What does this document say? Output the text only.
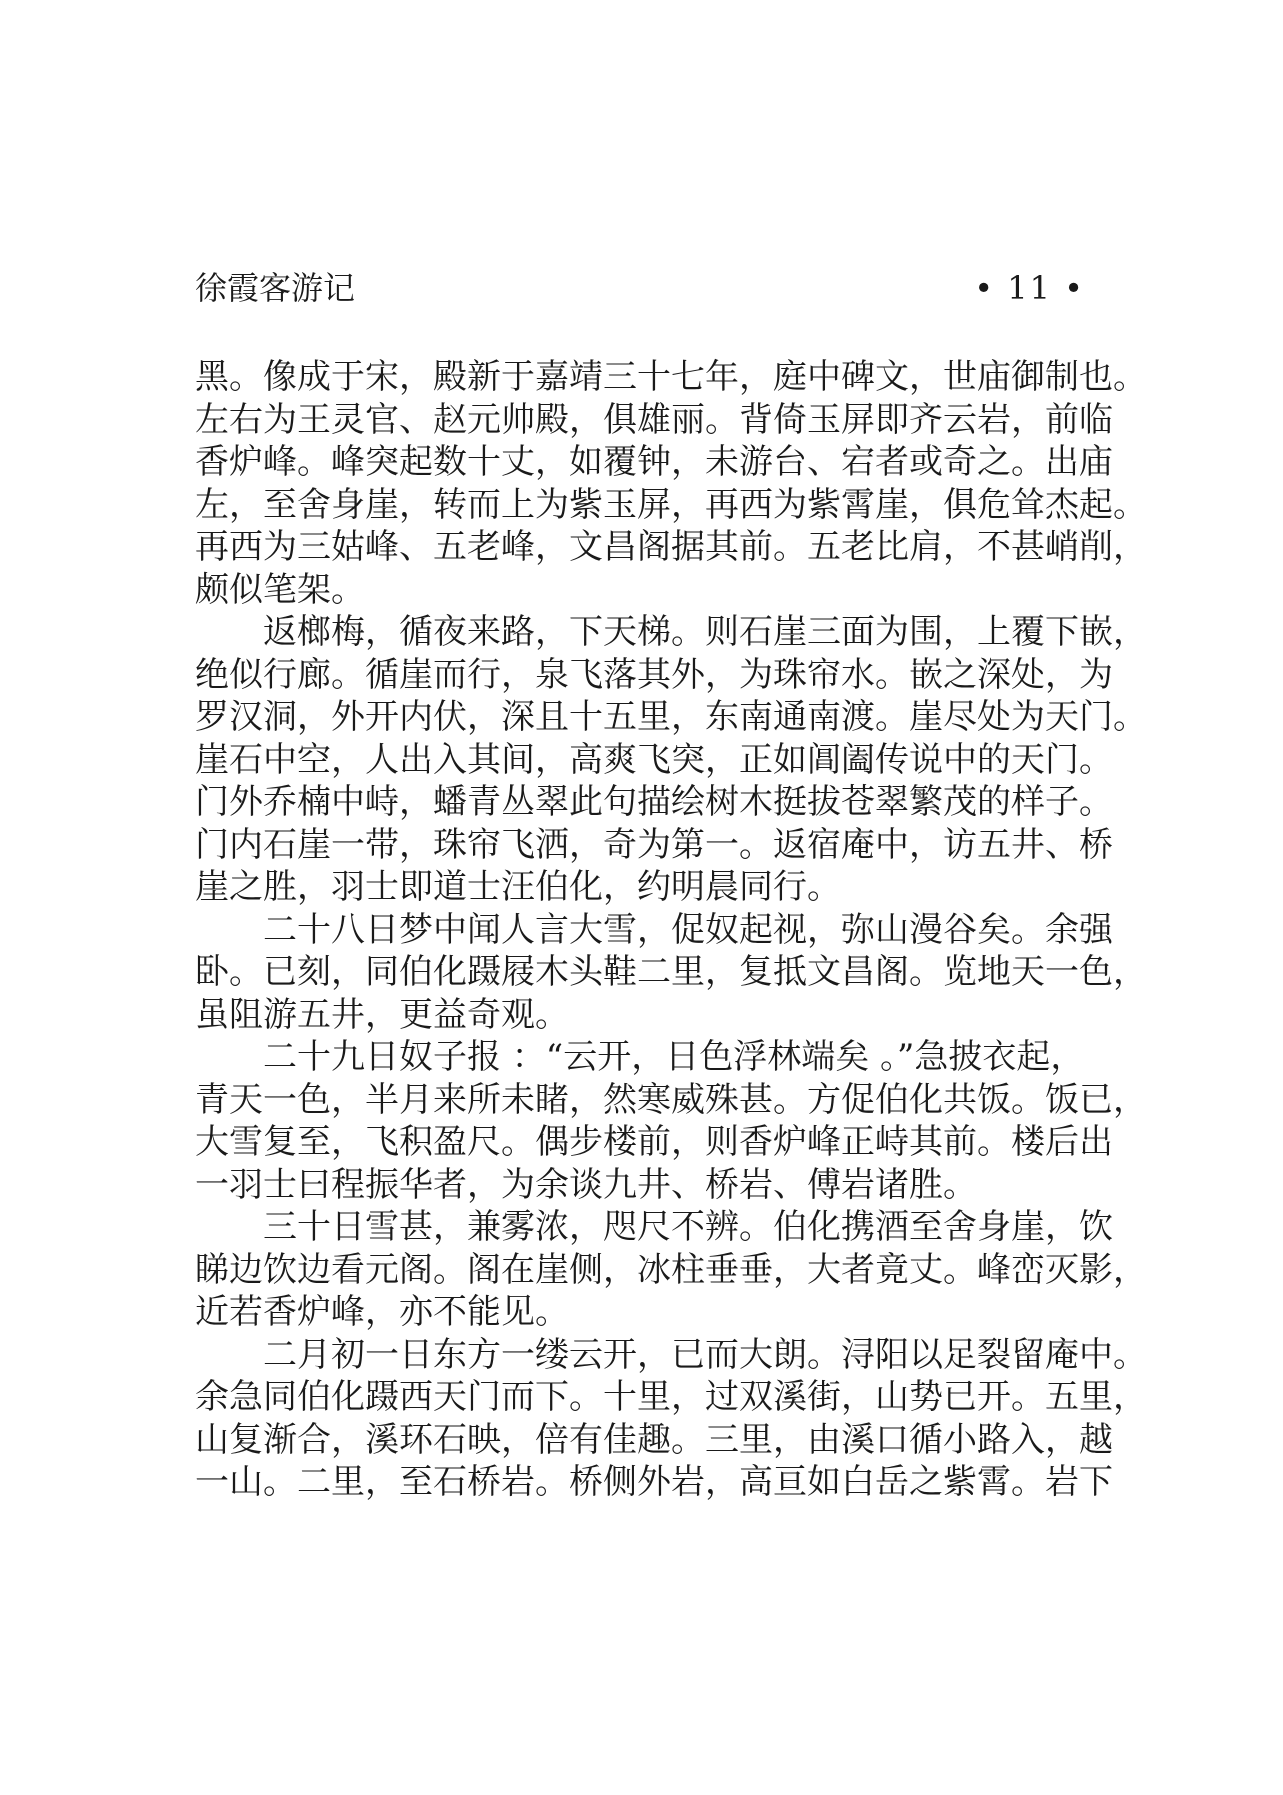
徐霞客游记	• 11 •
黑。像成于宋，殿新于嘉靖三十七年，庭中碑文，世庙御制也。
左右为王灵官、赵元帅殿，俱雄丽。背倚玉屏即齐云岩，前临
香炉峰。峰突起数十丈，如覆钟，未游台、宕者或奇之。出庙
左，至舍身崖，转而上为紫玉屏，再西为紫霄崖，俱危耸杰起。
再西为三姑峰、五老峰，文昌阁据其前。五老比肩，不甚峭削，
颇似笔架。
返榔梅，循夜来路，下天梯。则石崖三面为围，上覆下嵌，
绝似行廊。循崖而行，泉飞落其外，为珠帘水。嵌之深处，为
罗汉洞，外开内伏，深且十五里，东南通南渡。崖尽处为天门。
崖石中空，人出入其间，高爽飞突，正如阊阖传说中的天门。
门外乔楠中峙，蟠青丛翠此句描绘树木挺拔苍翠繁茂的样子。
门内石崖一带，珠帘飞洒，奇为第一。返宿庵中，访五井、桥
崖之胜，羽士即道士汪伯化，约明晨同行。
二十八日梦中闻人言大雪，促奴起视，弥山漫谷矣。余强
卧。已刻，同伯化蹑屐木头鞋二里，复抵文昌阁。览地天一色，
虽阻游五井，更益奇观。
二十九日奴子报 ：“云开，日色浮林端矣 。”急披衣起，
青天一色，半月来所未睹，然寒威殊甚。方促伯化共饭。饭已，
大雪复至，飞积盈尺。偶步楼前，则香炉峰正峙其前。楼后出
一羽士曰程振华者，为余谈九井、桥岩、傅岩诸胜。
三十日雪甚，兼雾浓，咫尺不辨。伯化携酒至舍身崖，饮
睇边饮边看元阁。阁在崖侧，冰柱垂垂，大者竟丈。峰峦灭影，
近若香炉峰，亦不能见。
二月初一日东方一缕云开，已而大朗。浔阳以足裂留庵中。
余急同伯化蹑西天门而下。十里，过双溪街，山势已开。五里，
山复渐合，溪环石映，倍有佳趣。三里，由溪口循小路入，越
一山。二里，至石桥岩。桥侧外岩，高亘如白岳之紫霄。岩下
